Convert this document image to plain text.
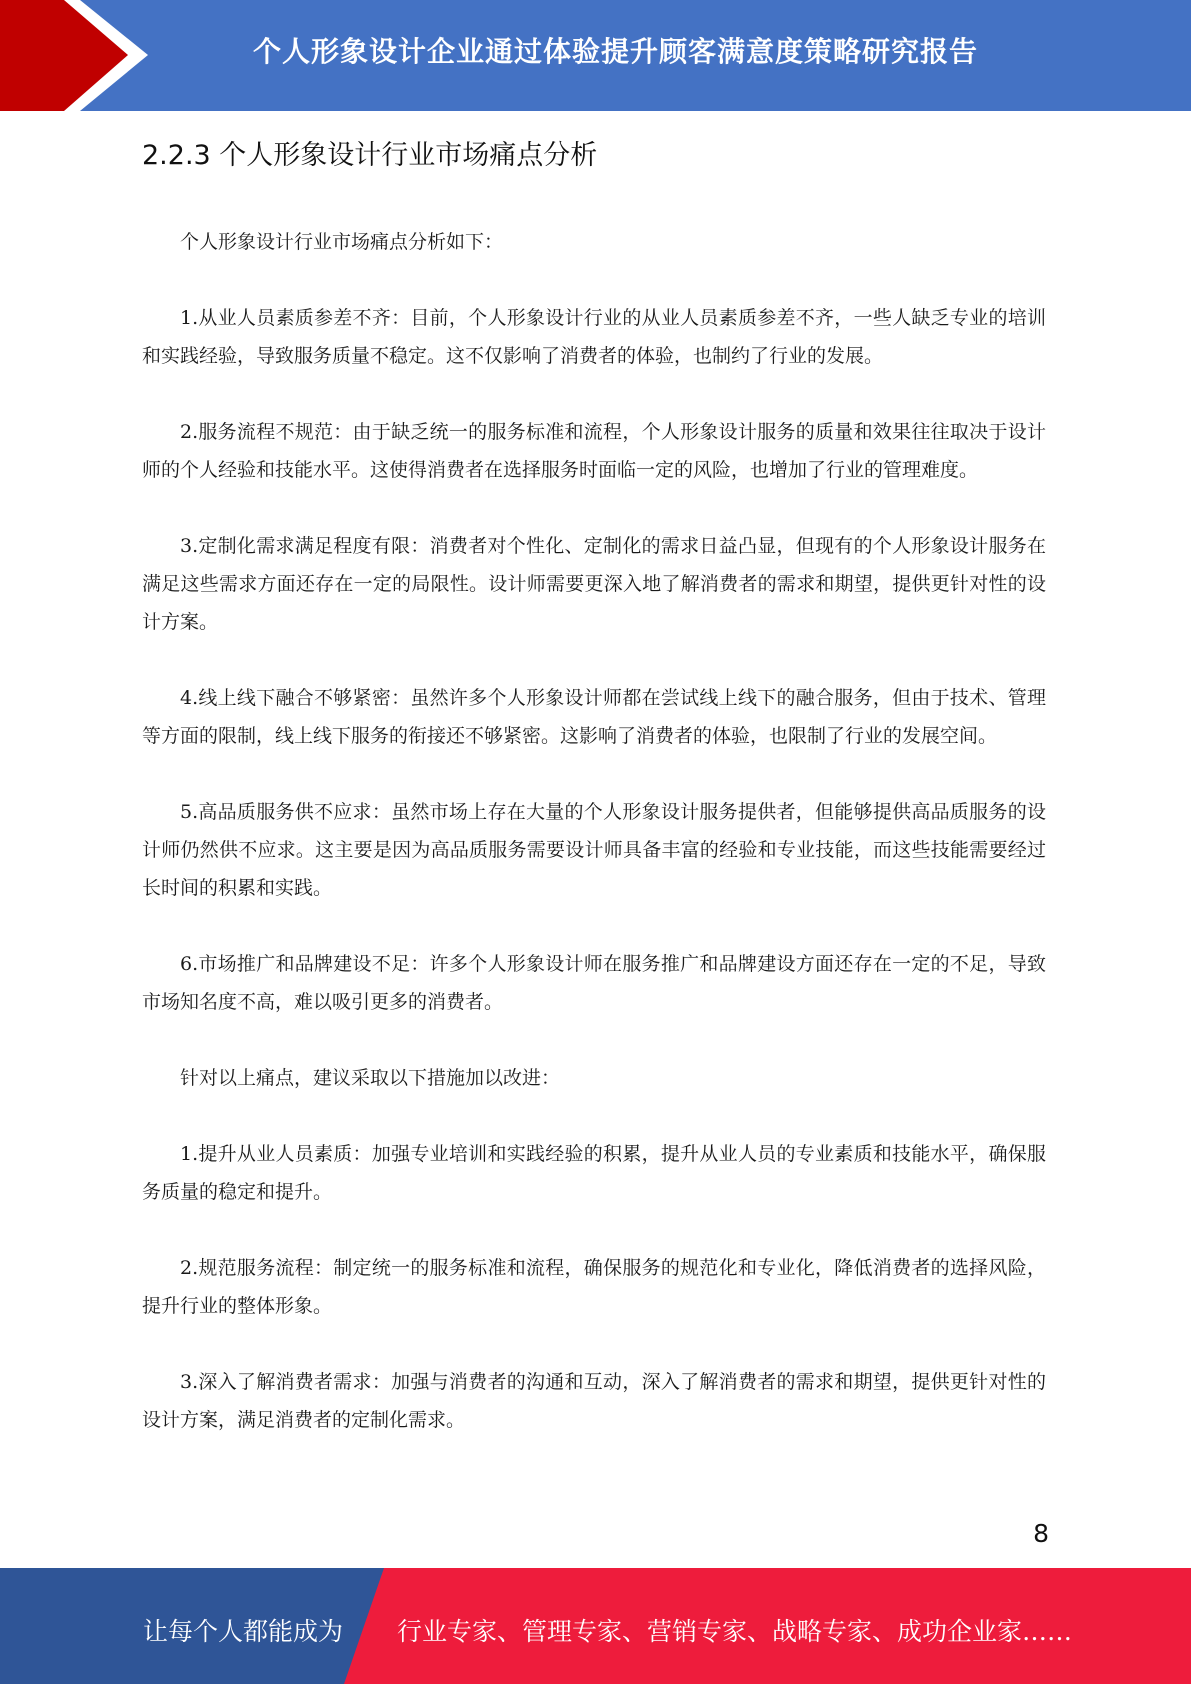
个人形象设计企业通过体验提升顾客满意度策略研究报告
2.2.3 个人形象设计行业市场痛点分析

个人形象设计行业市场痛点分析如下：

1.从业人员素质参差不齐：目前，个人形象设计行业的从业人员素质参差不齐，一些人缺乏专业的培训和实践经验，导致服务质量不稳定。这不仅影响了消费者的体验，也制约了行业的发展。

2.服务流程不规范：由于缺乏统一的服务标准和流程，个人形象设计服务的质量和效果往往取决于设计师的个人经验和技能水平。这使得消费者在选择服务时面临一定的风险，也增加了行业的管理难度。

3.定制化需求满足程度有限：消费者对个性化、定制化的需求日益凸显，但现有的个人形象设计服务在满足这些需求方面还存在一定的局限性。设计师需要更深入地了解消费者的需求和期望，提供更针对性的设计方案。

4.线上线下融合不够紧密：虽然许多个人形象设计师都在尝试线上线下的融合服务，但由于技术、管理等方面的限制，线上线下服务的衔接还不够紧密。这影响了消费者的体验，也限制了行业的发展空间。

5.高品质服务供不应求：虽然市场上存在大量的个人形象设计服务提供者，但能够提供高品质服务的设计师仍然供不应求。这主要是因为高品质服务需要设计师具备丰富的经验和专业技能，而这些技能需要经过长时间的积累和实践。

6.市场推广和品牌建设不足：许多个人形象设计师在服务推广和品牌建设方面还存在一定的不足，导致市场知名度不高，难以吸引更多的消费者。

针对以上痛点，建议采取以下措施加以改进：

1.提升从业人员素质：加强专业培训和实践经验的积累，提升从业人员的专业素质和技能水平，确保服务质量的稳定和提升。

2.规范服务流程：制定统一的服务标准和流程，确保服务的规范化和专业化，降低消费者的选择风险，提升行业的整体形象。

3.深入了解消费者需求：加强与消费者的沟通和互动，深入了解消费者的需求和期望，提供更针对性的设计方案，满足消费者的定制化需求。

8
让每个人都能成为 行业专家、管理专家、营销专家、战略专家、成功企业家……
